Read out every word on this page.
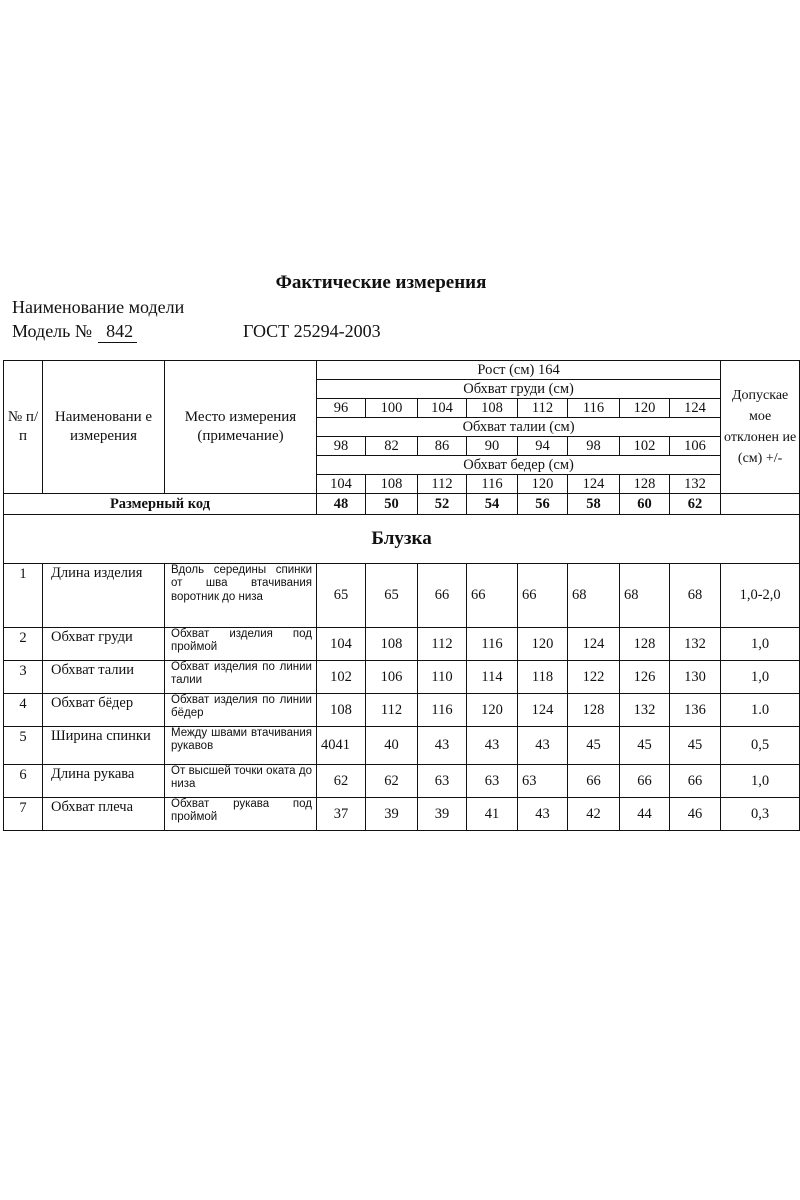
Фактические измерения
Наименование модели
Модель № 842	ГОСТ 25294-2003
№ п/п	Наименовани е измерения	Место измерения (примечание)	Рост (см) 164								Допускае мое отклонен ие (см) +/-
			Обхват груди (см)								
			96	100	104	108	112	116	120	124	
			Обхват талии (см)								
			98	82	86	90	94	98	102	106	
			Обхват бедер (см)								
			104	108	112	116	120	124	128	132	
Размерный код			48	50	52	54	56	58	60	62	
Блузка											
1	Длина изделия	Вдоль середины спинки от шва втачивания воротник до низа	65	65	66	66	66	68	68	68	1,0-2,0
2	Обхват груди	Обхват изделия под проймой	104	108	112	116	120	124	128	132	1,0
3	Обхват талии	Обхват изделия по линии талии	102	106	110	114	118	122	126	130	1,0
4	Обхват бёдер	Обхват изделия по линии бёдер	108	112	116	120	124	128	132	136	1.0
5	Ширина спинки	Между швами втачивания рукавов	4041	40	43	43	43	45	45	45	0,5
6	Длина рукава	От высшей точки оката до низа	62	62	63	63	63	66	66	66	1,0
7	Обхват плеча	Обхват рукава под проймой	37	39	39	41	43	42	44	46	0,3
